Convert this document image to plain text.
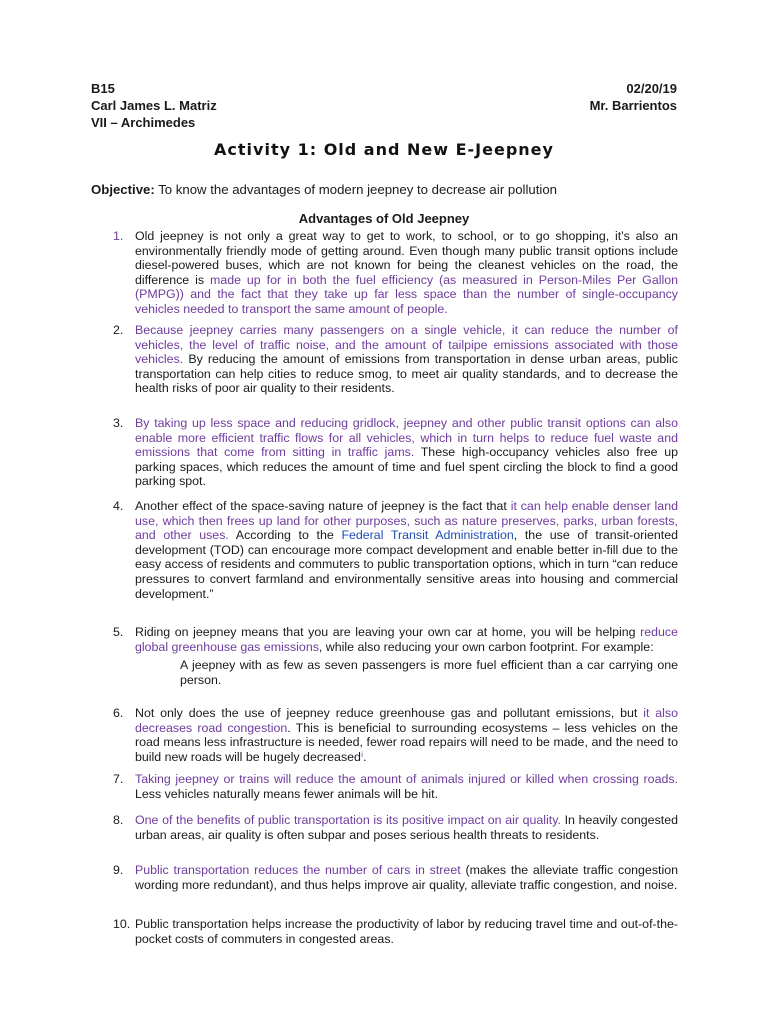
B15
Carl James L. Matriz
VII – Archimedes
02/20/19
Mr. Barrientos
Activity 1: Old and New E-Jeepney
Objective: To know the advantages of modern jeepney to decrease air pollution
Advantages of Old Jeepney
1. Old jeepney is not only a great way to get to work, to school, or to go shopping, it's also an environmentally friendly mode of getting around. Even though many public transit options include diesel-powered buses, which are not known for being the cleanest vehicles on the road, the difference is made up for in both the fuel efficiency (as measured in Person-Miles Per Gallon (PMPG)) and the fact that they take up far less space than the number of single-occupancy vehicles needed to transport the same amount of people.
2. Because jeepney carries many passengers on a single vehicle, it can reduce the number of vehicles, the level of traffic noise, and the amount of tailpipe emissions associated with those vehicles. By reducing the amount of emissions from transportation in dense urban areas, public transportation can help cities to reduce smog, to meet air quality standards, and to decrease the health risks of poor air quality to their residents.
3. By taking up less space and reducing gridlock, jeepney and other public transit options can also enable more efficient traffic flows for all vehicles, which in turn helps to reduce fuel waste and emissions that come from sitting in traffic jams. These high-occupancy vehicles also free up parking spaces, which reduces the amount of time and fuel spent circling the block to find a good parking spot.
4. Another effect of the space-saving nature of jeepney is the fact that it can help enable denser land use, which then frees up land for other purposes, such as nature preserves, parks, urban forests, and other uses. According to the Federal Transit Administration, the use of transit-oriented development (TOD) can encourage more compact development and enable better in-fill due to the easy access of residents and commuters to public transportation options, which in turn “can reduce pressures to convert farmland and environmentally sensitive areas into housing and commercial development.”
5. Riding on jeepney means that you are leaving your own car at home, you will be helping reduce global greenhouse gas emissions, while also reducing your own carbon footprint. For example:
A jeepney with as few as seven passengers is more fuel efficient than a car carrying one person.
6. Not only does the use of jeepney reduce greenhouse gas and pollutant emissions, but it also decreases road congestion. This is beneficial to surrounding ecosystems – less vehicles on the road means less infrastructure is needed, fewer road repairs will need to be made, and the need to build new roads will be hugely decreasedⁱ.
7. Taking jeepney or trains will reduce the amount of animals injured or killed when crossing roads. Less vehicles naturally means fewer animals will be hit.
8. One of the benefits of public transportation is its positive impact on air quality. In heavily congested urban areas, air quality is often subpar and poses serious health threats to residents.
9. Public transportation reduces the number of cars in street (makes the alleviate traffic congestion wording more redundant), and thus helps improve air quality, alleviate traffic congestion, and noise.
10. Public transportation helps increase the productivity of labor by reducing travel time and out-of-the-pocket costs of commuters in congested areas.
